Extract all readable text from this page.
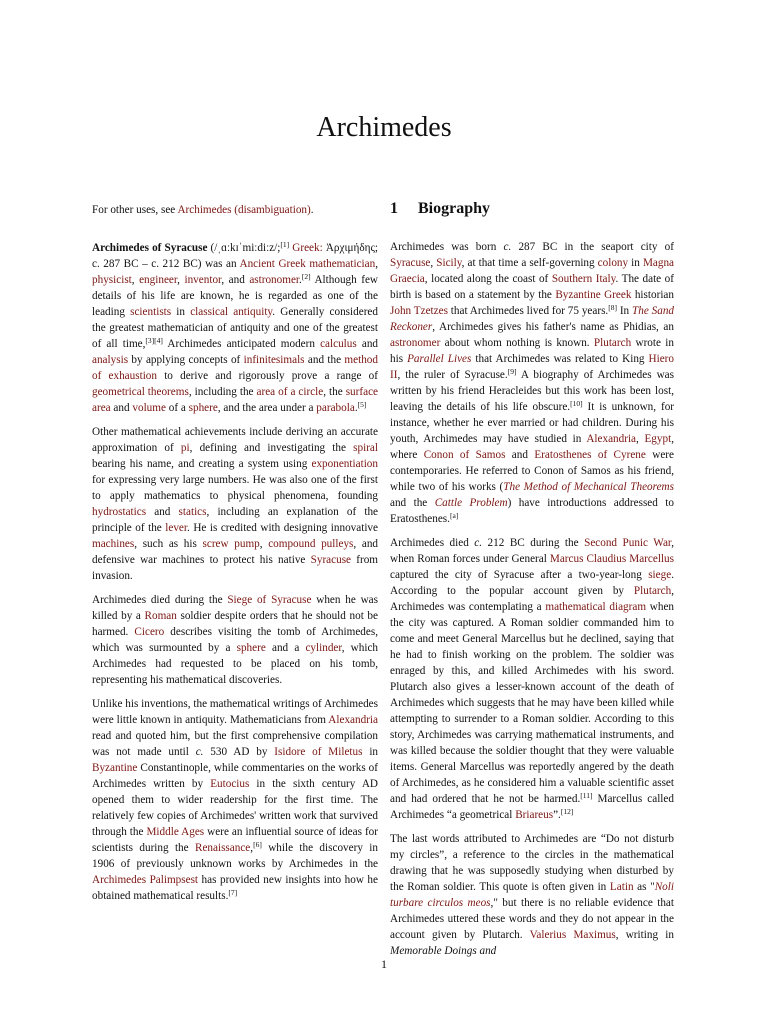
Archimedes

For other uses, see Archimedes (disambiguation).

Archimedes of Syracuse (/ˌɑːkɪˈmiːdiːz/;[1] Greek: Ἀρχιμήδης; c. 287 BC – c. 212 BC) was an Ancient Greek mathematician, physicist, engineer, inventor, and astronomer.[2] Although few details of his life are known, he is regarded as one of the leading scientists in classical antiquity. Generally considered the greatest mathematician of antiquity and one of the greatest of all time,[3][4] Archimedes anticipated modern calculus and analysis by applying concepts of infinitesimals and the method of exhaustion to derive and rigorously prove a range of geometrical theorems, including the area of a circle, the surface area and volume of a sphere, and the area under a parabola.[5]

Other mathematical achievements include deriving an accurate approximation of pi, defining and investigating the spiral bearing his name, and creating a system using exponentiation for expressing very large numbers. He was also one of the first to apply mathematics to physical phenomena, founding hydrostatics and statics, including an explanation of the principle of the lever. He is credited with designing innovative machines, such as his screw pump, compound pulleys, and defensive war machines to protect his native Syracuse from invasion.

Archimedes died during the Siege of Syracuse when he was killed by a Roman soldier despite orders that he should not be harmed. Cicero describes visiting the tomb of Archimedes, which was surmounted by a sphere and a cylinder, which Archimedes had requested to be placed on his tomb, representing his mathematical discoveries.

Unlike his inventions, the mathematical writings of Archimedes were little known in antiquity. Mathematicians from Alexandria read and quoted him, but the first comprehensive compilation was not made until c. 530 AD by Isidore of Miletus in Byzantine Constantinople, while commentaries on the works of Archimedes written by Eutocius in the sixth century AD opened them to wider readership for the first time. The relatively few copies of Archimedes' written work that survived through the Middle Ages were an influential source of ideas for scientists during the Renaissance,[6] while the discovery in 1906 of previously unknown works by Archimedes in the Archimedes Palimpsest has provided new insights into how he obtained mathematical results.[7]

1 Biography

Archimedes was born c. 287 BC in the seaport city of Syracuse, Sicily, at that time a self-governing colony in Magna Graecia, located along the coast of Southern Italy. The date of birth is based on a statement by the Byzantine Greek historian John Tzetzes that Archimedes lived for 75 years.[8] In The Sand Reckoner, Archimedes gives his father's name as Phidias, an astronomer about whom nothing is known. Plutarch wrote in his Parallel Lives that Archimedes was related to King Hiero II, the ruler of Syracuse.[9] A biography of Archimedes was written by his friend Heracleides but this work has been lost, leaving the details of his life obscure.[10] It is unknown, for instance, whether he ever married or had children. During his youth, Archimedes may have studied in Alexandria, Egypt, where Conon of Samos and Eratosthenes of Cyrene were contemporaries. He referred to Conon of Samos as his friend, while two of his works (The Method of Mechanical Theorems and the Cattle Problem) have introductions addressed to Eratosthenes.[a]

Archimedes died c. 212 BC during the Second Punic War, when Roman forces under General Marcus Claudius Marcellus captured the city of Syracuse after a two-year-long siege. According to the popular account given by Plutarch, Archimedes was contemplating a mathematical diagram when the city was captured. A Roman soldier commanded him to come and meet General Marcellus but he declined, saying that he had to finish working on the problem. The soldier was enraged by this, and killed Archimedes with his sword. Plutarch also gives a lesser-known account of the death of Archimedes which suggests that he may have been killed while attempting to surrender to a Roman soldier. According to this story, Archimedes was carrying mathematical instruments, and was killed because the soldier thought that they were valuable items. General Marcellus was reportedly angered by the death of Archimedes, as he considered him a valuable scientific asset and had ordered that he not be harmed.[11] Marcellus called Archimedes “a geometrical Briareus”.[12]

The last words attributed to Archimedes are “Do not disturb my circles”, a reference to the circles in the mathematical drawing that he was supposedly studying when disturbed by the Roman soldier. This quote is often given in Latin as "Noli turbare circulos meos," but there is no reliable evidence that Archimedes uttered these words and they do not appear in the account given by Plutarch. Valerius Maximus, writing in Memorable Doings and

1
